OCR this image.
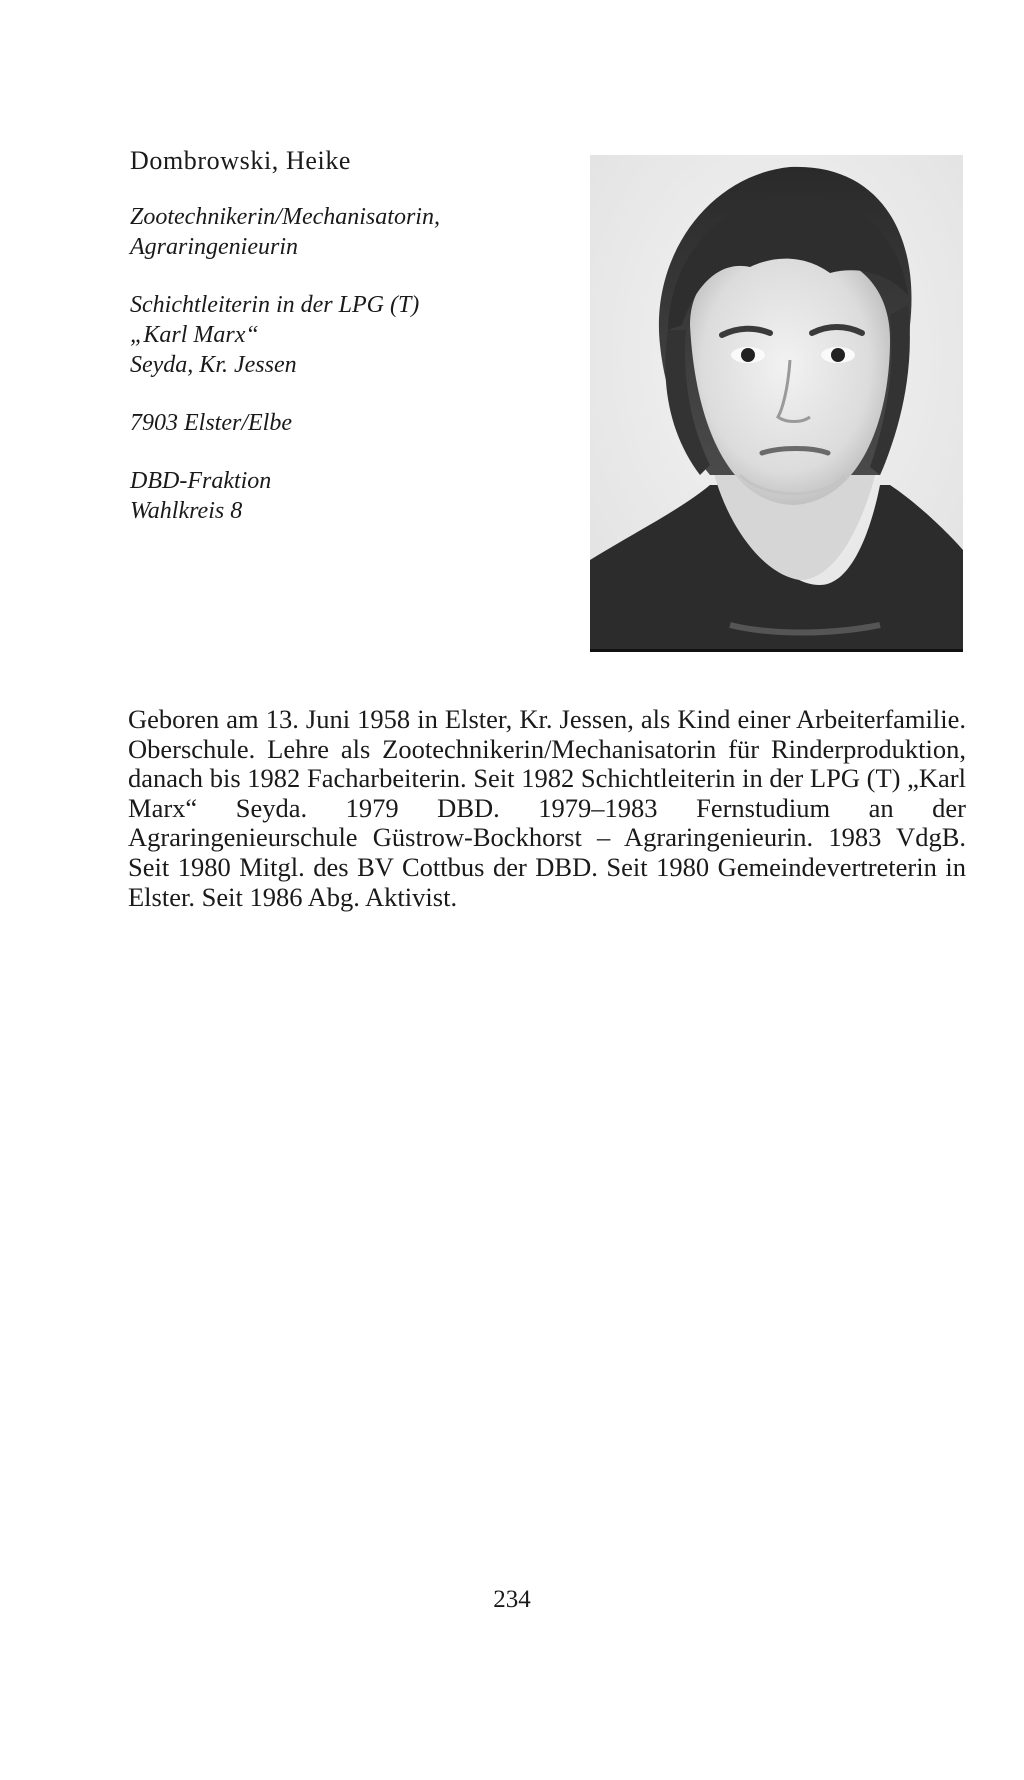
Dombrowski, Heike
Zootechnikerin/Mechanisatorin,
Agraringenieurin
Schichtleiterin in der LPG (T)
„Karl Marx“
Seyda, Kr. Jessen
7903 Elster/Elbe
DBD-Fraktion
Wahlkreis 8

Geboren am 13. Juni 1958 in Elster, Kr. Jessen, als Kind einer Arbeiterfamilie. Oberschule. Lehre als Zootechnikerin/Mechanisatorin für Rinderproduktion, danach bis 1982 Facharbeiterin. Seit 1982 Schichtleiterin in der LPG (T) „Karl Marx“ Seyda. 1979 DBD. 1979–1983 Fernstudium an der Agraringenieurschule Güstrow-Bockhorst – Agraringenieurin. 1983 VdgB. Seit 1980 Mitgl. des BV Cottbus der DBD. Seit 1980 Gemeindevertreterin in Elster. Seit 1986 Abg. Aktivist.

234
